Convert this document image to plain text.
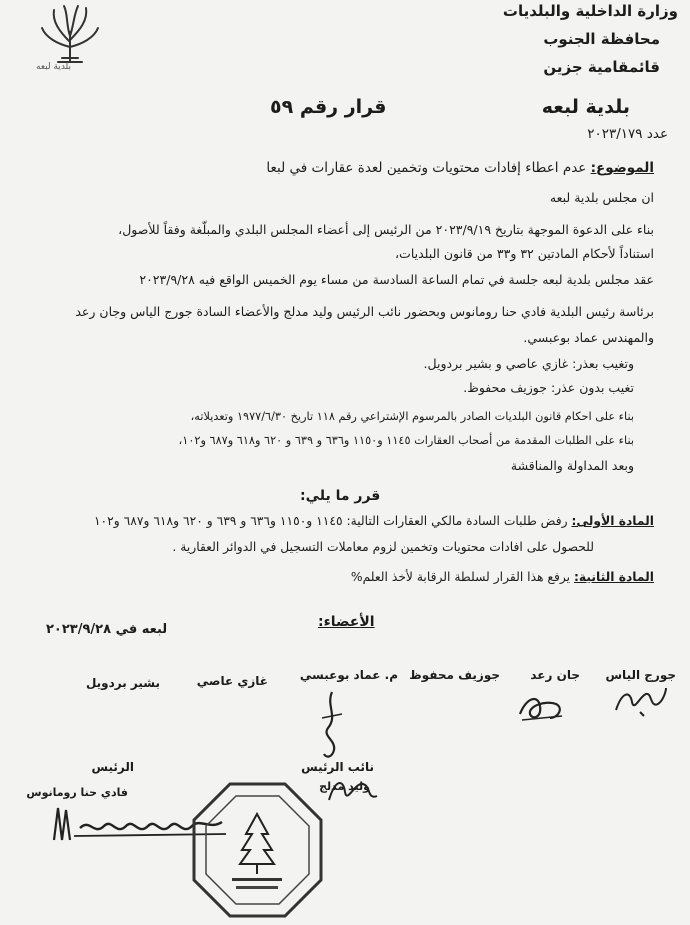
بلدية لبعه
وزارة الداخلية والبلديات
محافظة الجنوب
قائمقامية جزين
بلدية لبعه
قرار رقم ٥٩
عدد ٢٠٢٣/١٧٩
الموضوع: عدم اعطاء إفادات محتويات وتخمين لعدة عقارات في لبعا
ان مجلس بلدية لبعه
بناء على الدعوة الموجهة بتاريخ ٢٠٢٣/٩/١٩ من الرئيس إلى أعضاء المجلس البلدي والمبلّغة وفقاً للأصول،
استناداً لأحكام المادتين ٣٢ و٣٣ من قانون البلديات،
عقد مجلس بلدية لبعه جلسة في تمام الساعة السادسة من مساء يوم الخميس الواقع فيه ٢٠٢٣/٩/٢٨
برئاسة رئيس البلدية فادي حنا رومانوس وبحضور نائب الرئيس وليد مدلج والأعضاء السادة جورج الياس وجان رعد
والمهندس عماد بوعبسي.
وتغيب بعذر: غازي عاصي و بشير بردويل.
تغيب بدون عذر: جوزيف محفوظ.
بناء على احكام قانون البلديات الصادر بالمرسوم الإشتراعي رقم ١١٨ تاريخ ١٩٧٧/٦/٣٠ وتعديلاته،
بناء على الطلبات المقدمة من أصحاب العقارات ١١٤٥ و١١٥٠ و٦٣٦ و ٦٣٩ و ٦٢٠ و٦١٨ و٦٨٧ و١٠٢،
وبعد المداولة والمناقشة
قرر ما يلي:
المادة الأولى: رفض طلبات السادة مالكي العقارات التالية: ١١٤٥ و١١٥٠ و٦٣٦ و ٦٣٩ و ٦٢٠ و٦١٨ و٦٨٧ و١٠٢
للحصول على افادات محتويات وتخمين لزوم معاملات التسجيل في الدوائر العقارية .
المادة الثانية: يرفع هذا القرار لسلطة الرقابة لأخذ العلم%
الأعضاء:
لبعه في ٢٠٢٣/٩/٢٨
جورج الياس
جان رعد
جوزيف محفوظ
م. عماد بوعبسي
غازي عاصي
بشير بردويل
نائب الرئيس
وليد مدلج
الرئيس
فادي حنا رومانوس
